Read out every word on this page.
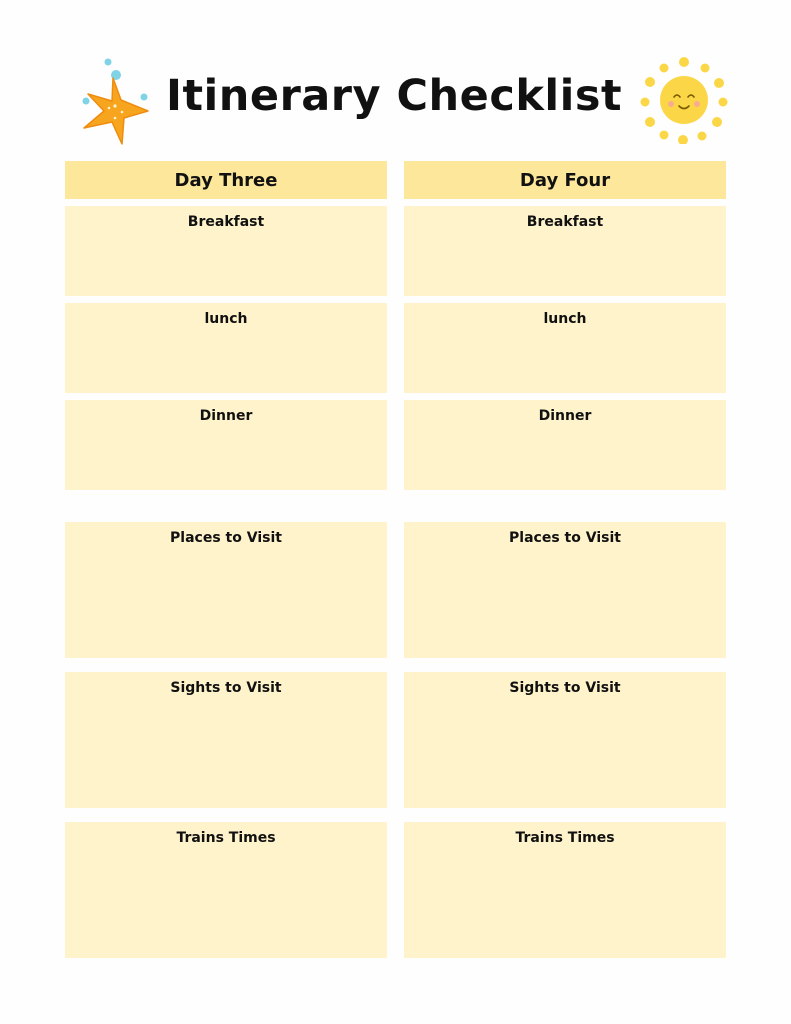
Itinerary Checklist
Day Three
Breakfast
lunch
Dinner
Places to Visit
Sights to Visit
Trains Times
Day Four
Breakfast
lunch
Dinner
Places to Visit
Sights to Visit
Trains Times
